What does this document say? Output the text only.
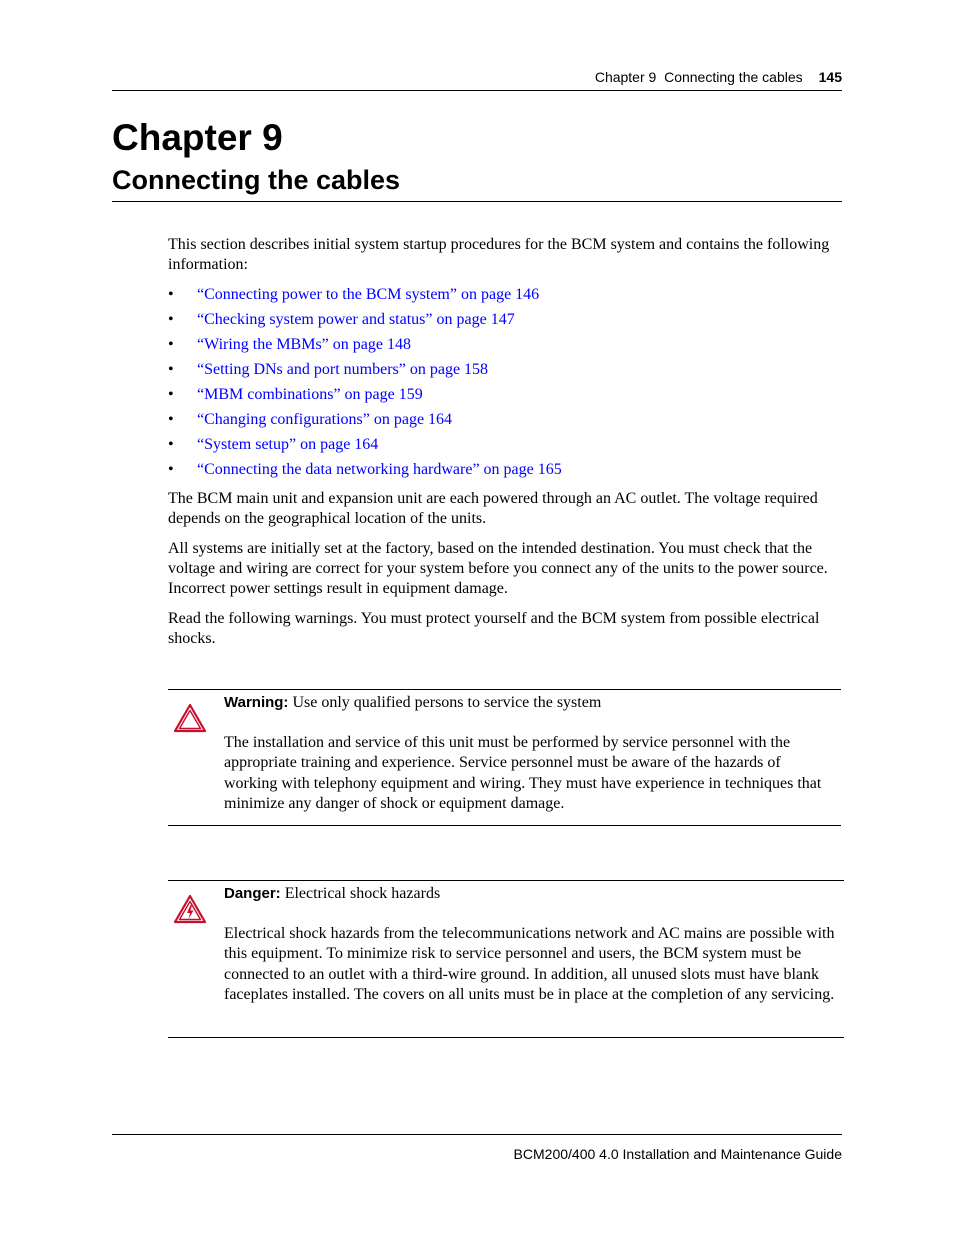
Chapter 9  Connecting the cables 145
Chapter 9
Connecting the cables

This section describes initial system startup procedures for the BCM system and contains the following information:

• “Connecting power to the BCM system” on page 146
• “Checking system power and status” on page 147
• “Wiring the MBMs” on page 148
• “Setting DNs and port numbers” on page 158
• “MBM combinations” on page 159
• “Changing configurations” on page 164
• “System setup” on page 164
• “Connecting the data networking hardware” on page 165

The BCM main unit and expansion unit are each powered through an AC outlet. The voltage required depends on the geographical location of the units.

All systems are initially set at the factory, based on the intended destination. You must check that the voltage and wiring are correct for your system before you connect any of the units to the power source. Incorrect power settings result in equipment damage.

Read the following warnings. You must protect yourself and the BCM system from possible electrical shocks.

Warning: Use only qualified persons to service the system

The installation and service of this unit must be performed by service personnel with the appropriate training and experience. Service personnel must be aware of the hazards of working with telephony equipment and wiring. They must have experience in techniques that minimize any danger of shock or equipment damage.

Danger: Electrical shock hazards

Electrical shock hazards from the telecommunications network and AC mains are possible with this equipment. To minimize risk to service personnel and users, the BCM system must be connected to an outlet with a third-wire ground. In addition, all unused slots must have blank faceplates installed. The covers on all units must be in place at the completion of any servicing.

BCM200/400 4.0 Installation and Maintenance Guide
